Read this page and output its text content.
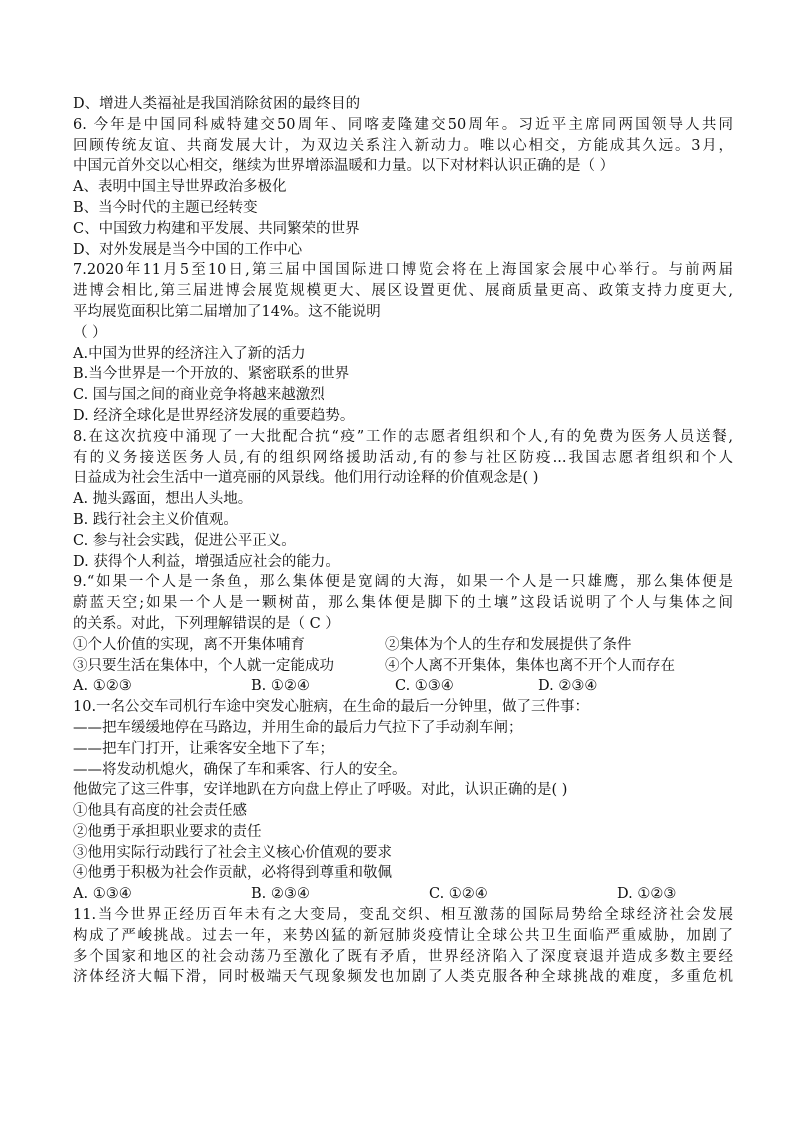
D、增进人类福祉是我国消除贫困的最终目的
6. 今年是中国同科威特建交50周年、同喀麦隆建交50周年。习近平主席同两国领导人共同
回顾传统友谊、共商发展大计，为双边关系注入新动力。唯以心相交，方能成其久远。3月，
中国元首外交以心相交，继续为世界增添温暖和力量。以下对材料认识正确的是（ ）
A、表明中国主导世界政治多极化
B、当今时代的主题已经转变
C、中国致力构建和平发展、共同繁荣的世界
D、对外发展是当今中国的工作中心
7.2020年11月5至10日,第三届中国国际进口博览会将在上海国家会展中心举行。与前两届
进博会相比,第三届进博会展览规模更大、展区设置更优、展商质量更高、政策支持力度更大,
平均展览面积比第二届增加了14%。这不能说明
（ ）
A.中国为世界的经济注入了新的活力
B.当今世界是一个开放的、紧密联系的世界
C. 国与国之间的商业竞争将越来越激烈
D. 经济全球化是世界经济发展的重要趋势。
8.在这次抗疫中涌现了一大批配合抗“疫”工作的志愿者组织和个人,有的免费为医务人员送餐,
有的义务接送医务人员,有的组织网络援助活动,有的参与社区防疫...我国志愿者组织和个人
日益成为社会生活中一道亮丽的风景线。他们用行动诠释的价值观念是( )
A. 抛头露面，想出人头地。
B. 践行社会主义价值观。
C. 参与社会实践，促进公平正义。
D. 获得个人利益，增强适应社会的能力。
9.“如果一个人是一条鱼，那么集体便是宽阔的大海，如果一个人是一只雄鹰，那么集体便是
蔚蓝天空;如果一个人是一颗树苗，那么集体便是脚下的土壤”这段话说明了个人与集体之间
的关系。对此，下列理解错误的是（ C ）
①个人价值的实现，离不开集体哺育	②集体为个人的生存和发展提供了条件
③只要生活在集体中，个人就一定能成功	④个人离不开集体，集体也离不开个人而存在
A. ①②③	B. ①②④	C. ①③④	D. ②③④
10.一名公交车司机行车途中突发心脏病，在生命的最后一分钟里，做了三件事：
——把车缓缓地停在马路边，并用生命的最后力气拉下了手动刹车闸；
——把车门打开，让乘客安全地下了车；
——将发动机熄火，确保了车和乘客、行人的安全。
他做完了这三件事，安详地趴在方向盘上停止了呼吸。对此，认识正确的是( )
①他具有高度的社会责任感
②他勇于承担职业要求的责任
③他用实际行动践行了社会主义核心价值观的要求
④他勇于积极为社会作贡献，必将得到尊重和敬佩
A. ①③④	B. ②③④	C. ①②④	D. ①②③
11.当今世界正经历百年未有之大变局，变乱交织、相互激荡的国际局势给全球经济社会发展
构成了严峻挑战。过去一年，来势凶猛的新冠肺炎疫情让全球公共卫生面临严重威胁，加剧了
多个国家和地区的社会动荡乃至激化了既有矛盾，世界经济陷入了深度衰退并造成多数主要经
济体经济大幅下滑，同时极端天气现象频发也加剧了人类克服各种全球挑战的难度，多重危机
